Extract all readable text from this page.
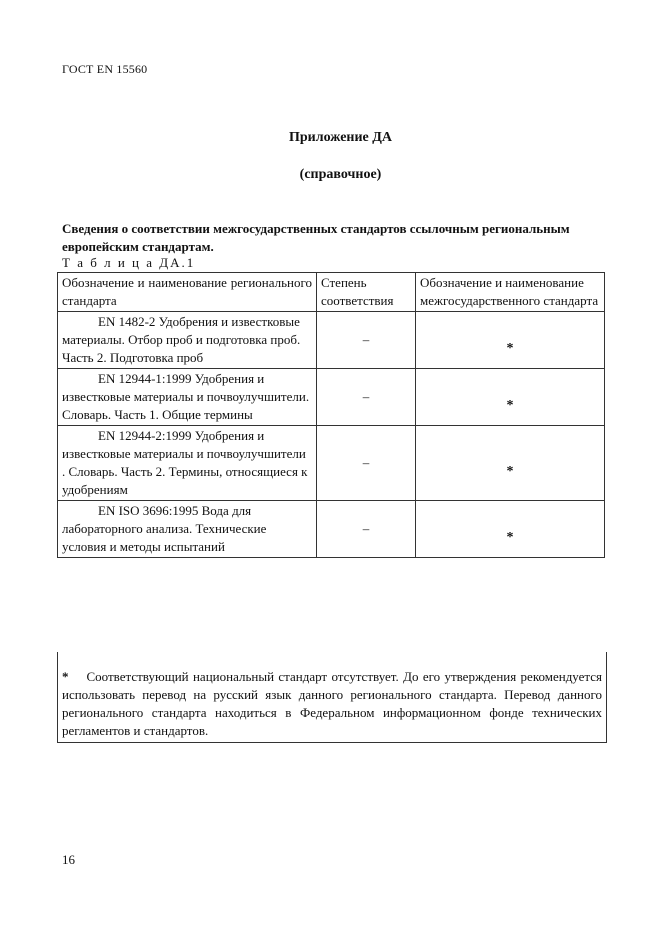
ГОСТ EN 15560
Приложение ДА
(справочное)
Сведения о соответствии межгосударственных стандартов ссылочным региональным европейским стандартам.
Т а б л и ц а ДА.1
Обозначение и наименование регионального стандарта	Степень соответствия	Обозначение и наименование межгосударственного стандарта
EN 1482-2 Удобрения и известковые материалы. Отбор проб и подготовка проб. Часть 2. Подготовка проб	–	*
EN 12944-1:1999 Удобрения и известковые материалы и почвоулучшители. Словарь. Часть 1. Общие термины	–	*
EN 12944-2:1999 Удобрения и известковые материалы и почвоулучшители . Словарь. Часть 2. Термины, относящиеся к удобрениям	–	*
EN ISO 3696:1995 Вода для лабораторного анализа. Технические условия и методы испытаний	–	*
* Соответствующий национальный стандарт отсутствует. До его утверждения рекомендуется использовать перевод на русский язык данного регионального стандарта. Перевод данного регионального стандарта находиться в Федеральном информационном фонде технических регламентов и стандартов.
16
